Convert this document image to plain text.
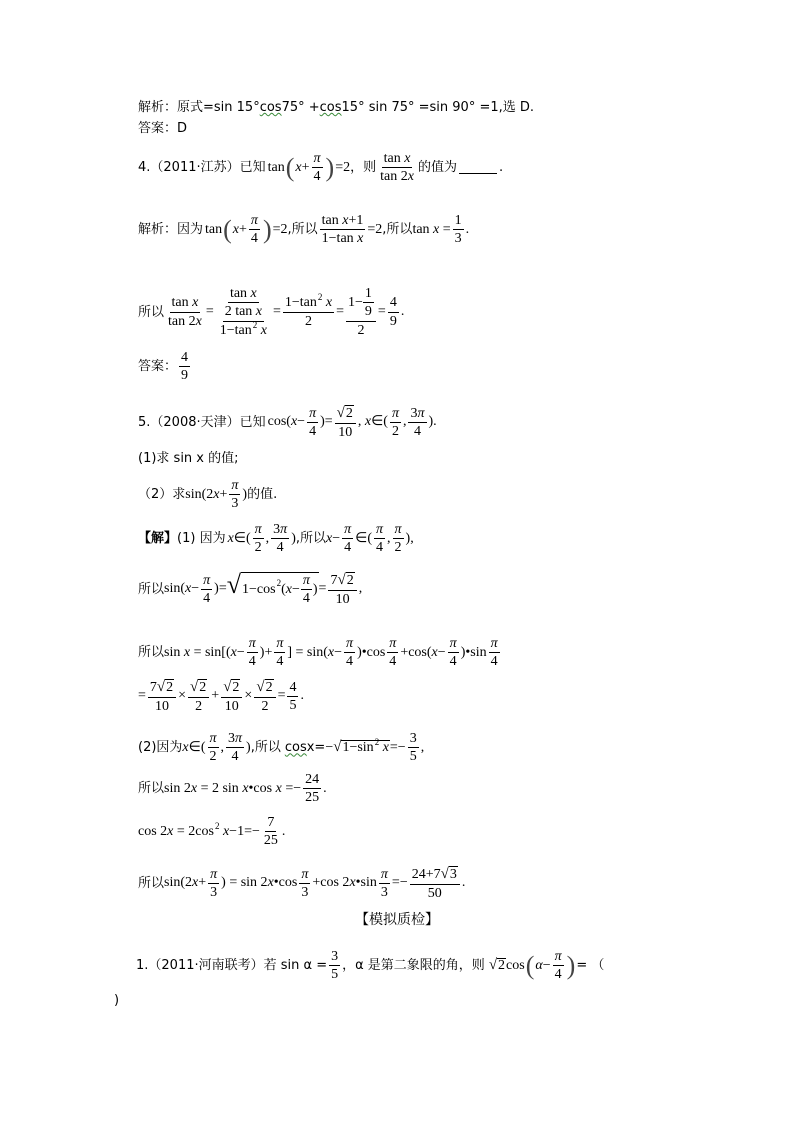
解析：原式=sin 15° cos 75° + cos 15° sin 75° =sin 90° =1,选 D.
答案：D
4.（2011·江苏）已知 tan ( $x + \frac{\pi}{4}$ ) =2 ，则 $\frac{\text{tan x}}{\tan 2x}$ 的值为	.
解析：因为 tan ( $x + \frac{\pi}{4}$ ) =2 ,所以 $\frac{\text{tan x+1}}{\text{1−tan x}} =2$ ,所以 $\tan x = \frac{1}{3}$ .
所以 $\frac{\text{tan x}}{\tan 2x} = \frac{\text{tan x}}{\frac{\text{2 tan x}}{1-\tan^2 x}} = \frac{1-\tan^2 x}{2} = \frac{1- \frac{1}{9}}{2} = \frac{4}{9}$ .
答案： $\frac{4}{9}$
5.（2008·天津）已知 $\cos(x- \frac{\pi}{4}$ )= $\frac{√ 2}{10}$ , x∈( $\frac{\pi}{2}$ , $\frac{3\pi}{4}$ ).
(1)求 sin x 的值;
（2）求 $\sin(2x+ \frac{\pi}{3}$ ) 的值.
【解】 (1) 因为 x ∈( $\frac{\pi}{2}$ , $\frac{3\pi}{4}$ ) ,所以 $x - \frac{\pi}{4}$ ∈( $\frac{\pi}{4}$ , $\frac{\pi}{2}$ ),
所以 $\sin(x- \frac{\pi}{4}$ )= √ 1−cos 2 ( $x - \frac{\pi}{4}$ ) = $\frac{7 √ 2}{10}$ ,
所以 $\sin x = \sin[(x- \frac{\pi}{4}$ )+ $\frac{\pi}{4}$ ] = $\sin(x- \frac{\pi}{4}$ )•cos $\frac{\pi}{4} +\cos(x- \frac{\pi}{4}$ )•sin $\frac{\pi}{4}$
= $\frac{7 √ 2}{10} \times \frac{√ 2}{2} + \frac{√ 2}{10} \times \frac{√ 2}{2} = \frac{4}{5}$ .
(2)因为 x ∈( $\frac{\pi}{2}$ , $\frac{3\pi}{4}$ ) ,所以 cos x= − √ $1-\sin^2$ $x =- \frac{3}{5}$ ,
所以 sin 2x = 2 sin x•cos $x =- \frac{24}{25}$ .
$\cos 2x = 2\cos^2$ $x-1=- \frac{7}{25}$ .
所以 $\sin(2x+ \frac{\pi}{3}$ ) = sin 2x•cos $\frac{\pi}{3} +\cos$ 2x•sin $\frac{\pi}{3} =- \frac{24+7 √ 3}{50}$ .
【模拟质检】
1.（2011·河南联考）若 $\sin \alpha = \frac{3}{5}$ ，α 是第二象限的角，则 √ 2 cos ( $\alpha - \frac{\pi}{4}$ ) = （
)
